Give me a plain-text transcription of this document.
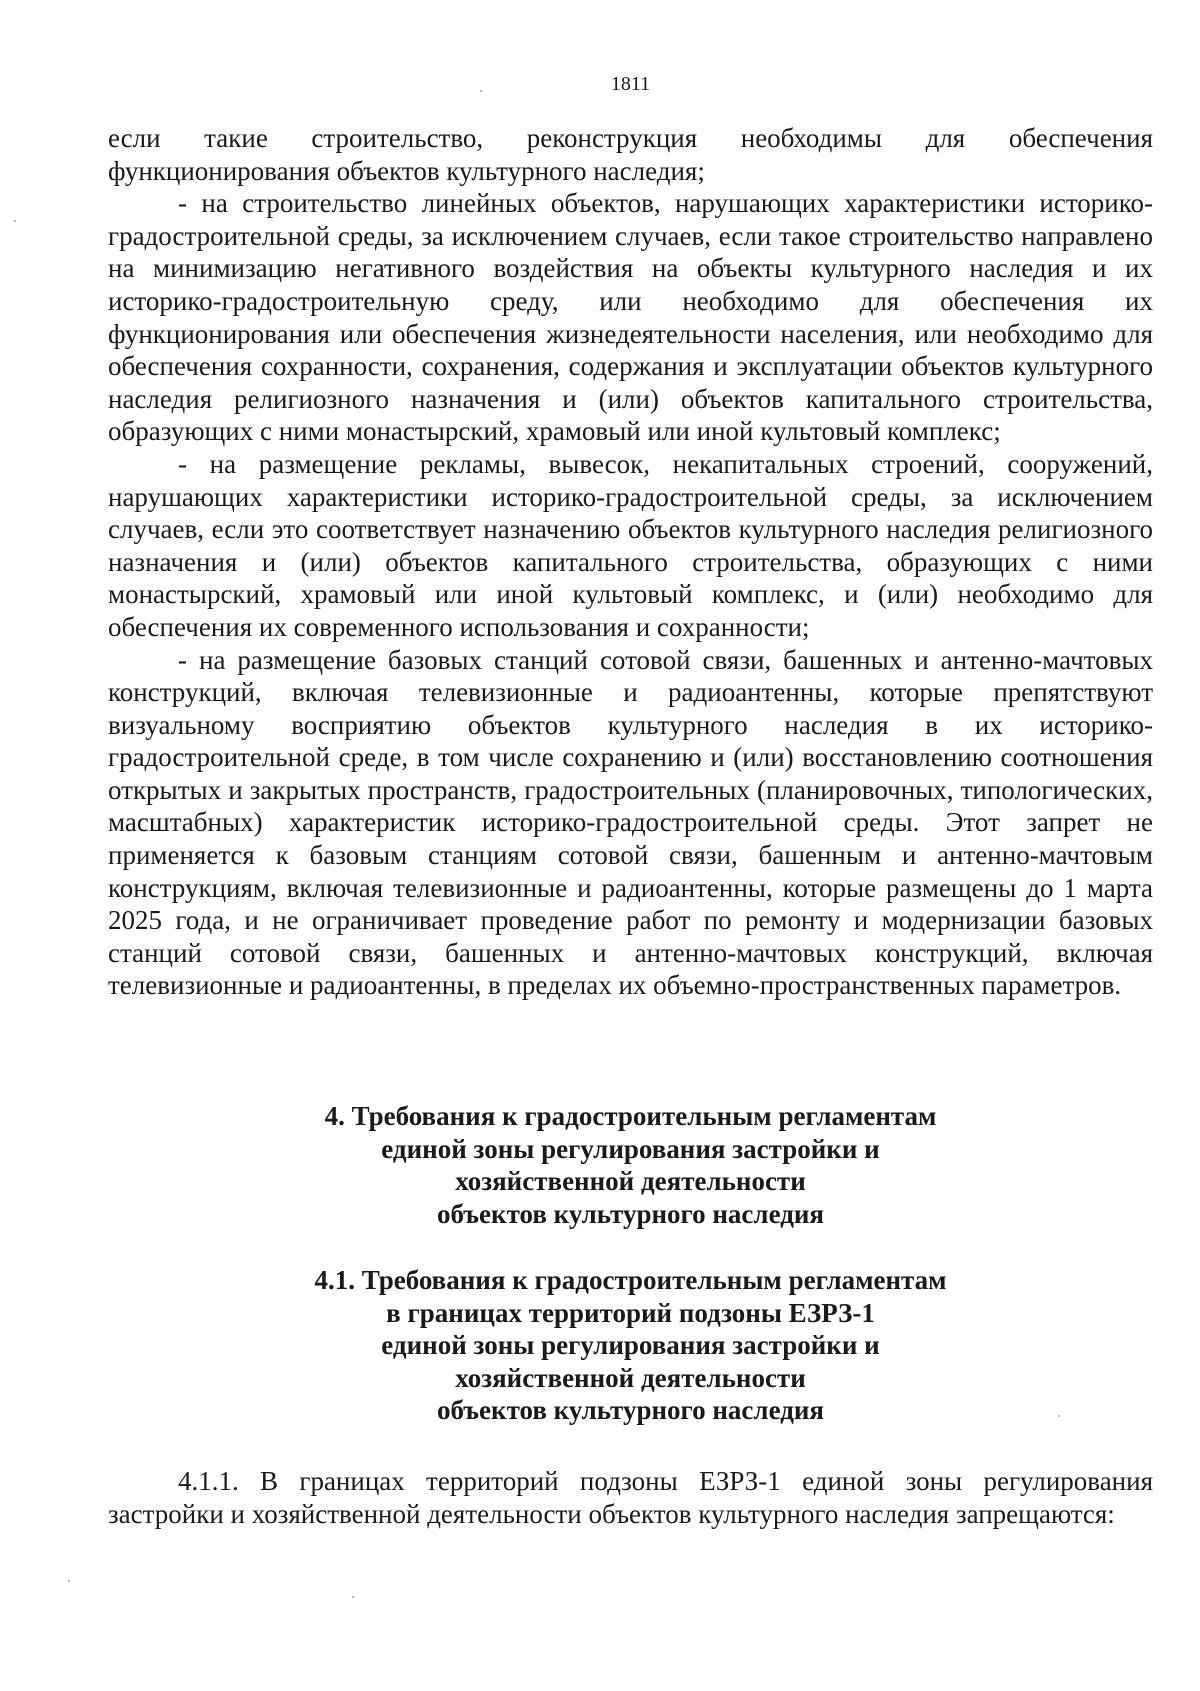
1811

если такие строительство, реконструкция необходимы для обеспечения функционирования объектов культурного наследия;

- на строительство линейных объектов, нарушающих характеристики историко-градостроительной среды, за исключением случаев, если такое строительство направлено на минимизацию негативного воздействия на объекты культурного наследия и их историко-градостроительную среду, или необходимо для обеспечения их функционирования или обеспечения жизнедеятельности населения, или необходимо для обеспечения сохранности, сохранения, содержания и эксплуатации объектов культурного наследия религиозного назначения и (или) объектов капитального строительства, образующих с ними монастырский, храмовый или иной культовый комплекс;

- на размещение рекламы, вывесок, некапитальных строений, сооружений, нарушающих характеристики историко-градостроительной среды, за исключением случаев, если это соответствует назначению объектов культурного наследия религиозного назначения и (или) объектов капитального строительства, образующих с ними монастырский, храмовый или иной культовый комплекс, и (или) необходимо для обеспечения их современного использования и сохранности;

- на размещение базовых станций сотовой связи, башенных и антенно-мачтовых конструкций, включая телевизионные и радиоантенны, которые препятствуют визуальному восприятию объектов культурного наследия в их историко-градостроительной среде, в том числе сохранению и (или) восстановлению соотношения открытых и закрытых пространств, градостроительных (планировочных, типологических, масштабных) характеристик историко-градостроительной среды. Этот запрет не применяется к базовым станциям сотовой связи, башенным и антенно-мачтовым конструкциям, включая телевизионные и радиоантенны, которые размещены до 1 марта 2025 года, и не ограничивает проведение работ по ремонту и модернизации базовых станций сотовой связи, башенных и антенно-мачтовых конструкций, включая телевизионные и радиоантенны, в пределах их объемно-пространственных параметров.

4. Требования к градостроительным регламентам
единой зоны регулирования застройки и
хозяйственной деятельности
объектов культурного наследия
4.1. Требования к градостроительным регламентам
в границах территорий подзоны ЕЗРЗ-1
единой зоны регулирования застройки и
хозяйственной деятельности
объектов культурного наследия

4.1.1. В границах территорий подзоны ЕЗРЗ-1 единой зоны регулирования застройки и хозяйственной деятельности объектов культурного наследия запрещаются:
